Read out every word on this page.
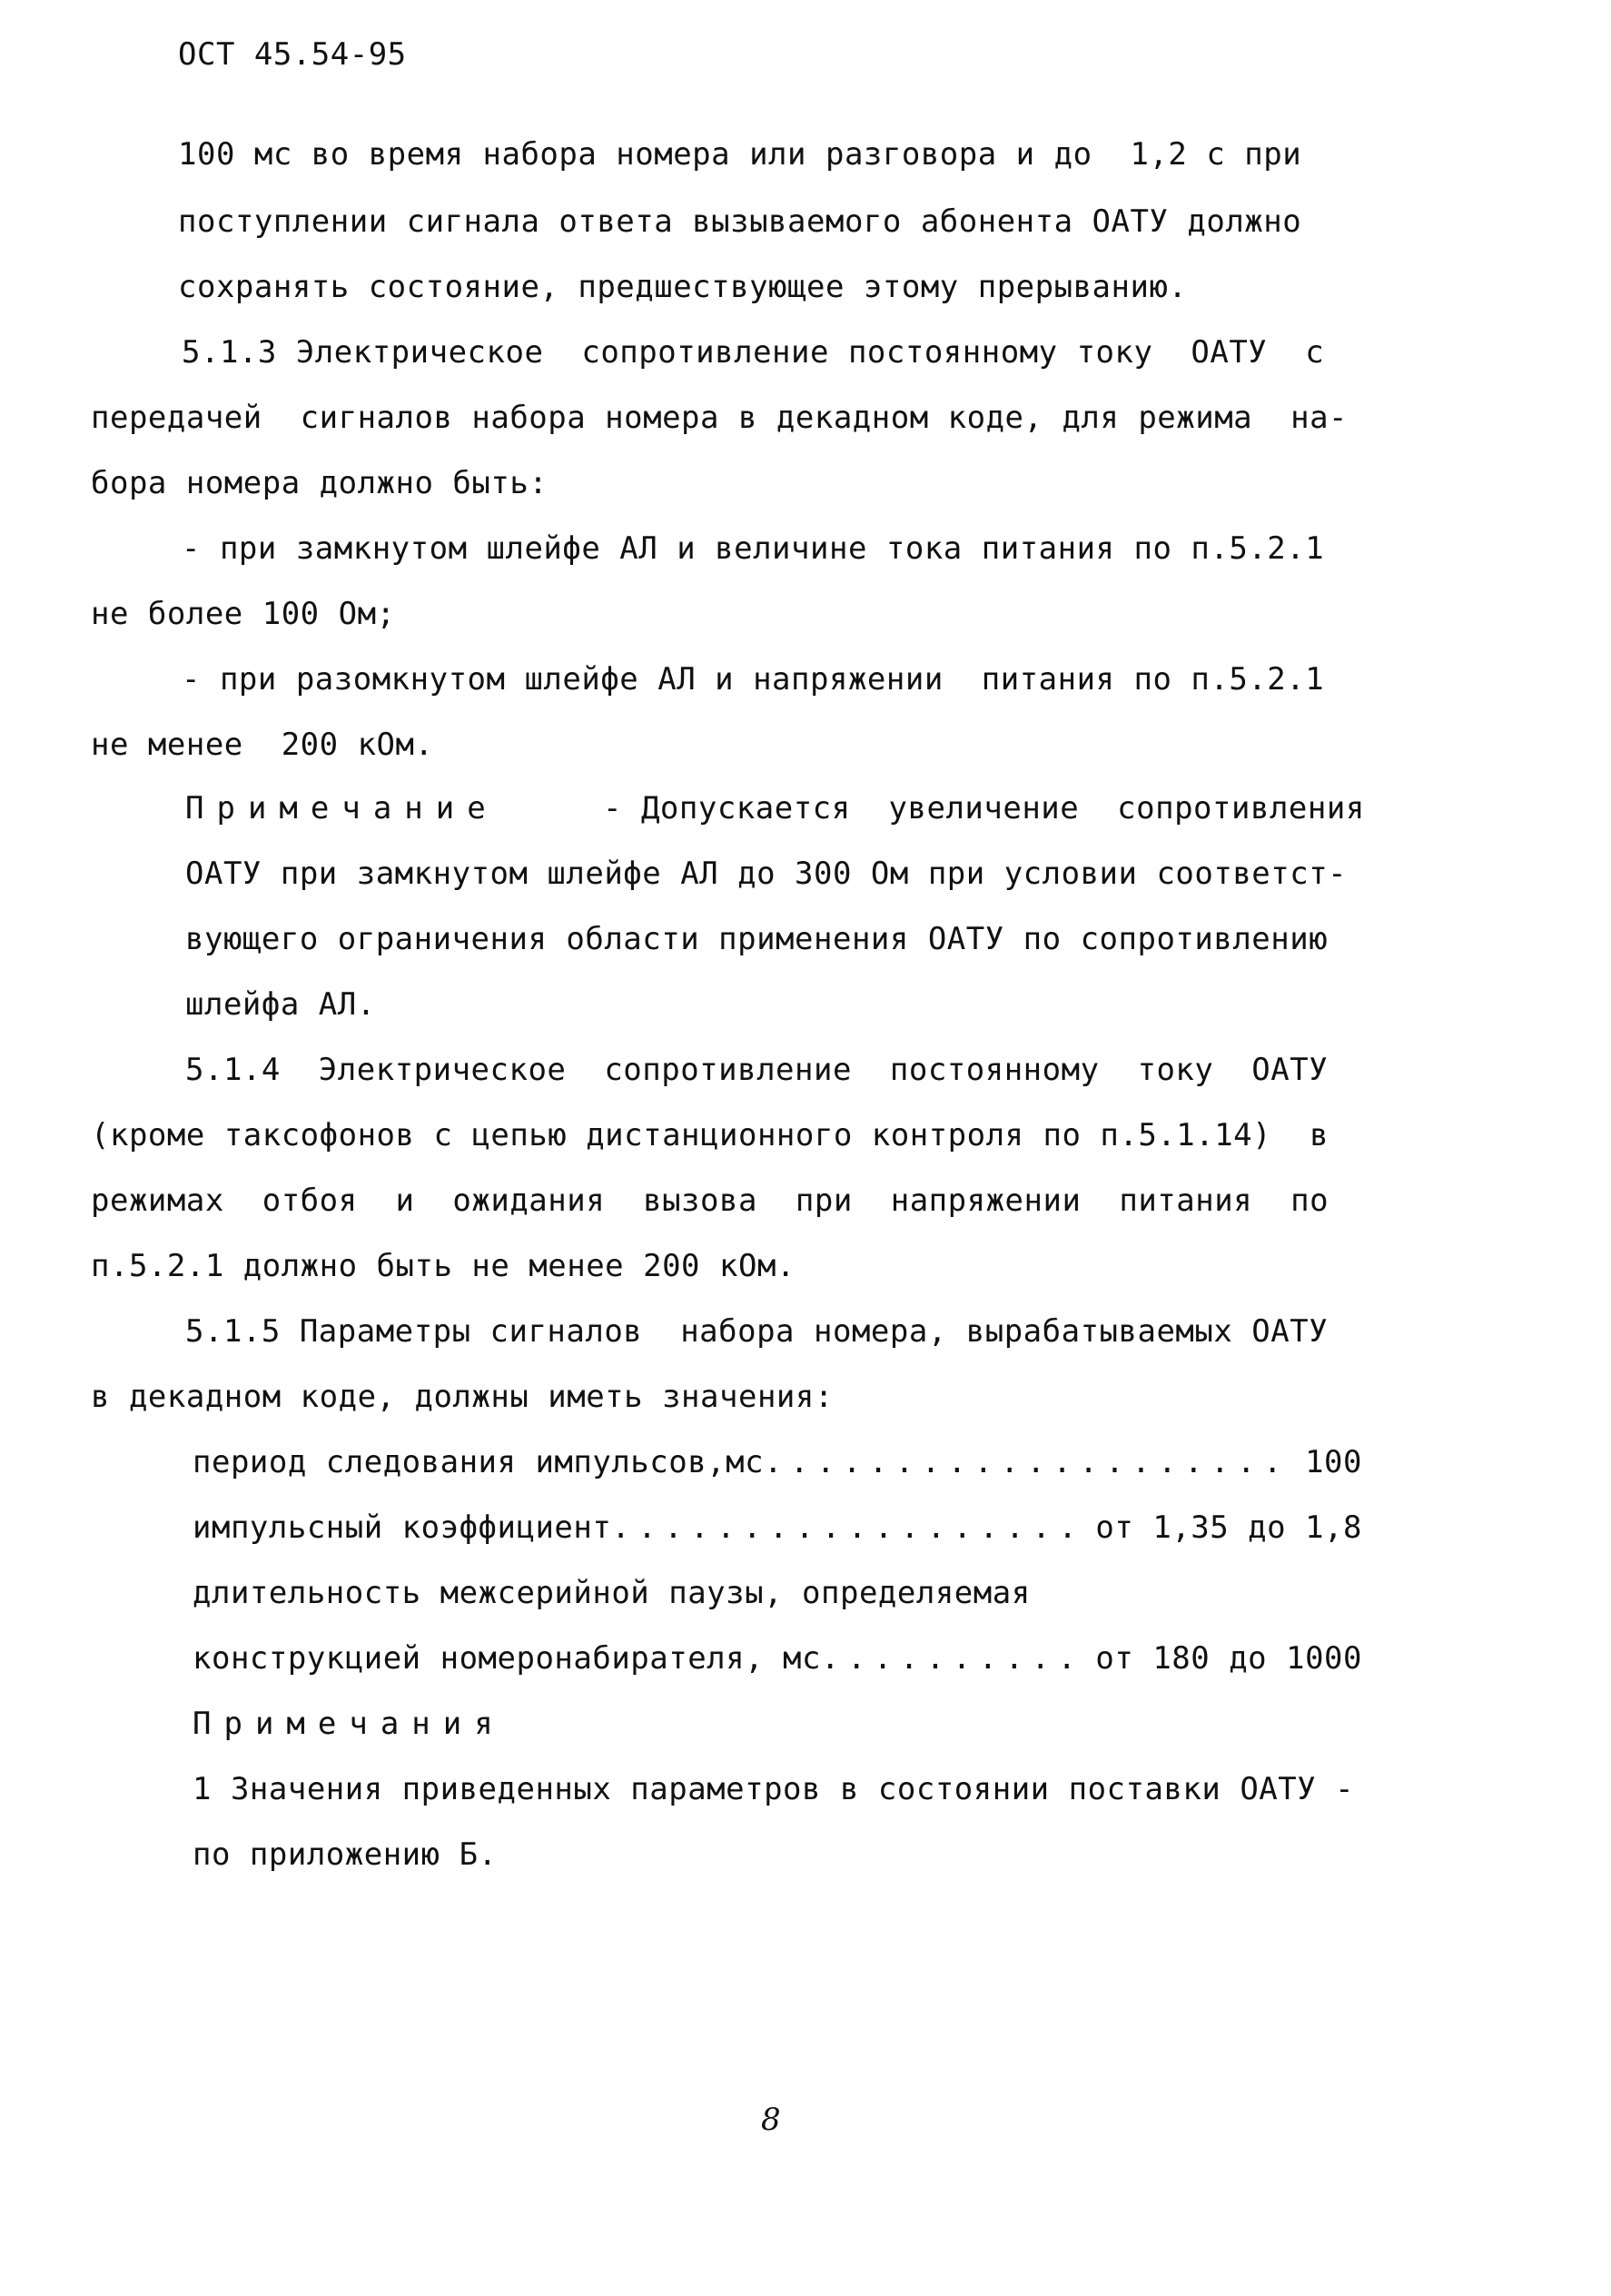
ОСТ 45.54-95
100 мс во время набора номера или разговора и до  1,2 с при
поступлении сигнала ответа вызываемого абонента ОАТУ должно
сохранять состояние, предшествующее этому прерыванию.
5.1.3 Электрическое  сопротивление постоянному току  ОАТУ  с
передачей  сигналов набора номера в декадном коде, для режима  на-
бора номера должно быть:
- при замкнутом шлейфе АЛ и величине тока питания по п.5.2.1
не более 100 Ом;
- при разомкнутом шлейфе АЛ и напряжении  питания по п.5.2.1
не менее  200 кОм.
Примечание	- Допускается  увеличение  сопротивления
ОАТУ при замкнутом шлейфе АЛ до 300 Ом при условии соответст-
вующего ограничения области применения ОАТУ по сопротивлению
шлейфа АЛ.
5.1.4  Электрическое  сопротивление  постоянному  току  ОАТУ
(кроме таксофонов с цепью дистанционного контроля по п.5.1.14)  в
режимах  отбоя  и  ожидания  вызова  при  напряжении  питания  по
п.5.2.1 должно быть не менее 200 кОм.
5.1.5 Параметры сигналов  набора номера, вырабатываемых ОАТУ
в декадном коде, должны иметь значения:
период следования импульсов,мс . . .	100
импульсный коэффициент . . .	от 1,35 до 1,8
длительность межсерийной паузы, определяемая
конструкцией номеронабирателя, мс . . .	от 180 до 1000
Примечания
1 Значения приведенных параметров в состоянии поставки ОАТУ -
по приложению Б.
8
